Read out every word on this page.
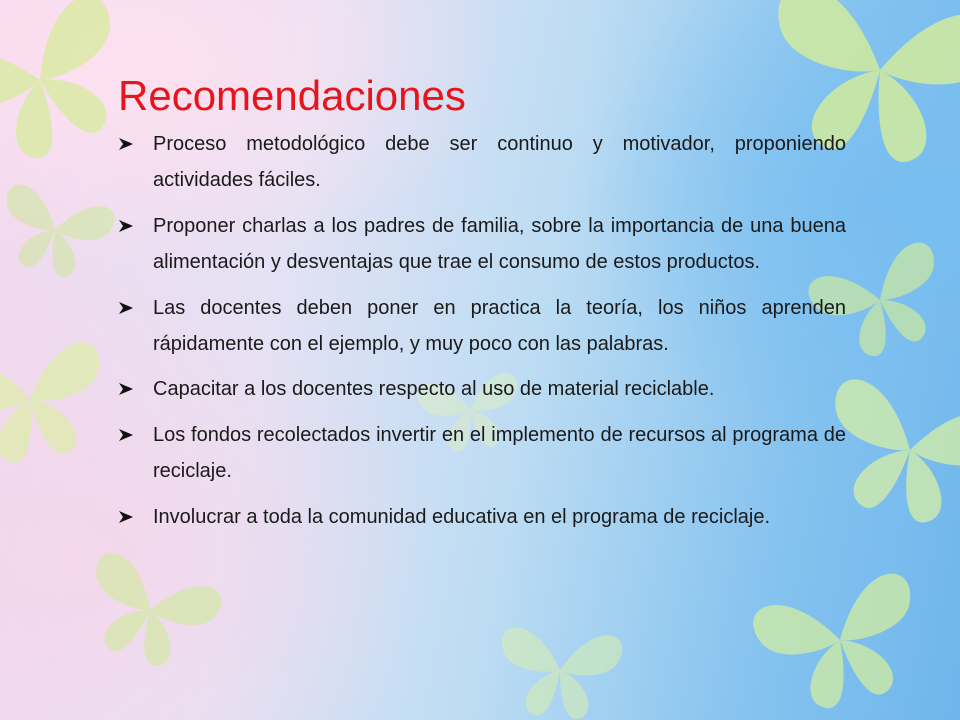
Recomendaciones
Proceso metodológico debe ser continuo y motivador, proponiendo actividades fáciles.
Proponer charlas a los padres de familia, sobre la importancia de una buena alimentación y desventajas que trae el consumo de estos productos.
Las docentes deben poner en practica la teoría, los niños aprenden rápidamente con el ejemplo, y muy poco con las palabras.
Capacitar a los docentes respecto al uso de material reciclable.
Los fondos recolectados invertir en el implemento de recursos al programa de reciclaje.
Involucrar a toda la comunidad educativa en el programa de reciclaje.
